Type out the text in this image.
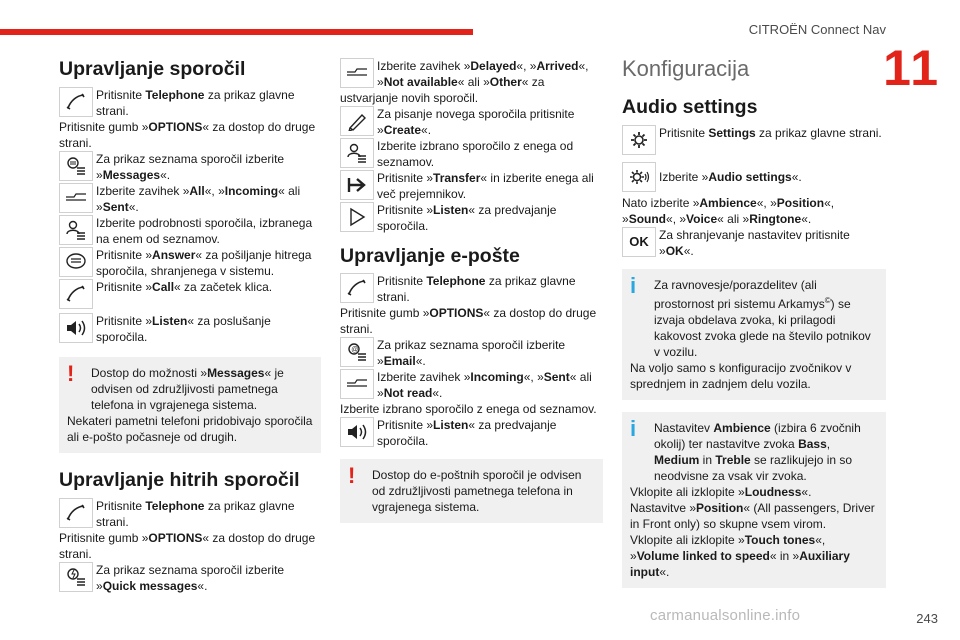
CITROËN Connect Nav
11
Upravljanje sporočil
Pritisnite Telephone za prikaz glavne strani.

Pritisnite gumb »OPTIONS« za dostop do druge strani.

Za prikaz seznama sporočil izberite »Messages«.
Izberite zavihek »All«, »Incoming« ali »Sent«.
Izberite podrobnosti sporočila, izbranega na enem od seznamov.
Pritisnite »Answer« za pošiljanje hitrega sporočila, shranjenega v sistemu.
Pritisnite »Call« za začetek klica.
Pritisnite »Listen« za poslušanje sporočila.
! Dostop do možnosti »Messages« je odvisen od združljivosti pametnega telefona in vgrajenega sistema.

Nekateri pametni telefoni pridobivajo sporočila ali e-pošto počasneje od drugih.

Upravljanje hitrih sporočil
Pritisnite Telephone za prikaz glavne strani.

Pritisnite gumb »OPTIONS« za dostop do druge strani.

Za prikaz seznama sporočil izberite »Quick messages«.
Izberite zavihek »Delayed«, »Arrived«, »Not available« ali »Other« za ustvarjanje novih sporočil.
Za pisanje novega sporočila pritisnite »Create«.
Izberite izbrano sporočilo z enega od seznamov.
Pritisnite »Transfer« in izberite enega ali več prejemnikov.
Pritisnite »Listen« za predvajanje sporočila.
Upravljanje e-pošte
Pritisnite Telephone za prikaz glavne strani.

Pritisnite gumb »OPTIONS« za dostop do druge strani.

@ Za prikaz seznama sporočil izberite »Email«.
Izberite zavihek »Incoming«, »Sent« ali »Not read«.

Izberite izbrano sporočilo z enega od seznamov.

Pritisnite »Listen« za predvajanje sporočila.
! Dostop do e-poštnih sporočil je odvisen od združljivosti pametnega telefona in vgrajenega sistema.

Konfiguracija
Audio settings
Pritisnite Settings za prikaz glavne strani.
Izberite »Audio settings«.

Nato izberite »Ambience«, »Position«, »Sound«, »Voice« ali »Ringtone«.

OK Za shranjevanje nastavitev pritisnite »OK«.
i Za ravnovesje/porazdelitev (ali prostornost pri sistemu Arkamys©) se izvaja obdelava zvoka, ki prilagodi kakovost zvoka glede na število potnikov v vozilu.

Na voljo samo s konfiguracijo zvočnikov v sprednjem in zadnjem delu vozila.

i Nastavitev Ambience (izbira 6 zvočnih okolij) ter nastavitve zvoka Bass, Medium in Treble se razlikujejo in so neodvisne za vsak vir zvoka.

Vklopite ali izklopite »Loudness«.

Nastavitve »Position« (All passengers, Driver in Front only) so skupne vsem virom.

Vklopite ali izklopite »Touch tones«,

»Volume linked to speed« in »Auxiliary input«.

carmanualsonline.info	243
